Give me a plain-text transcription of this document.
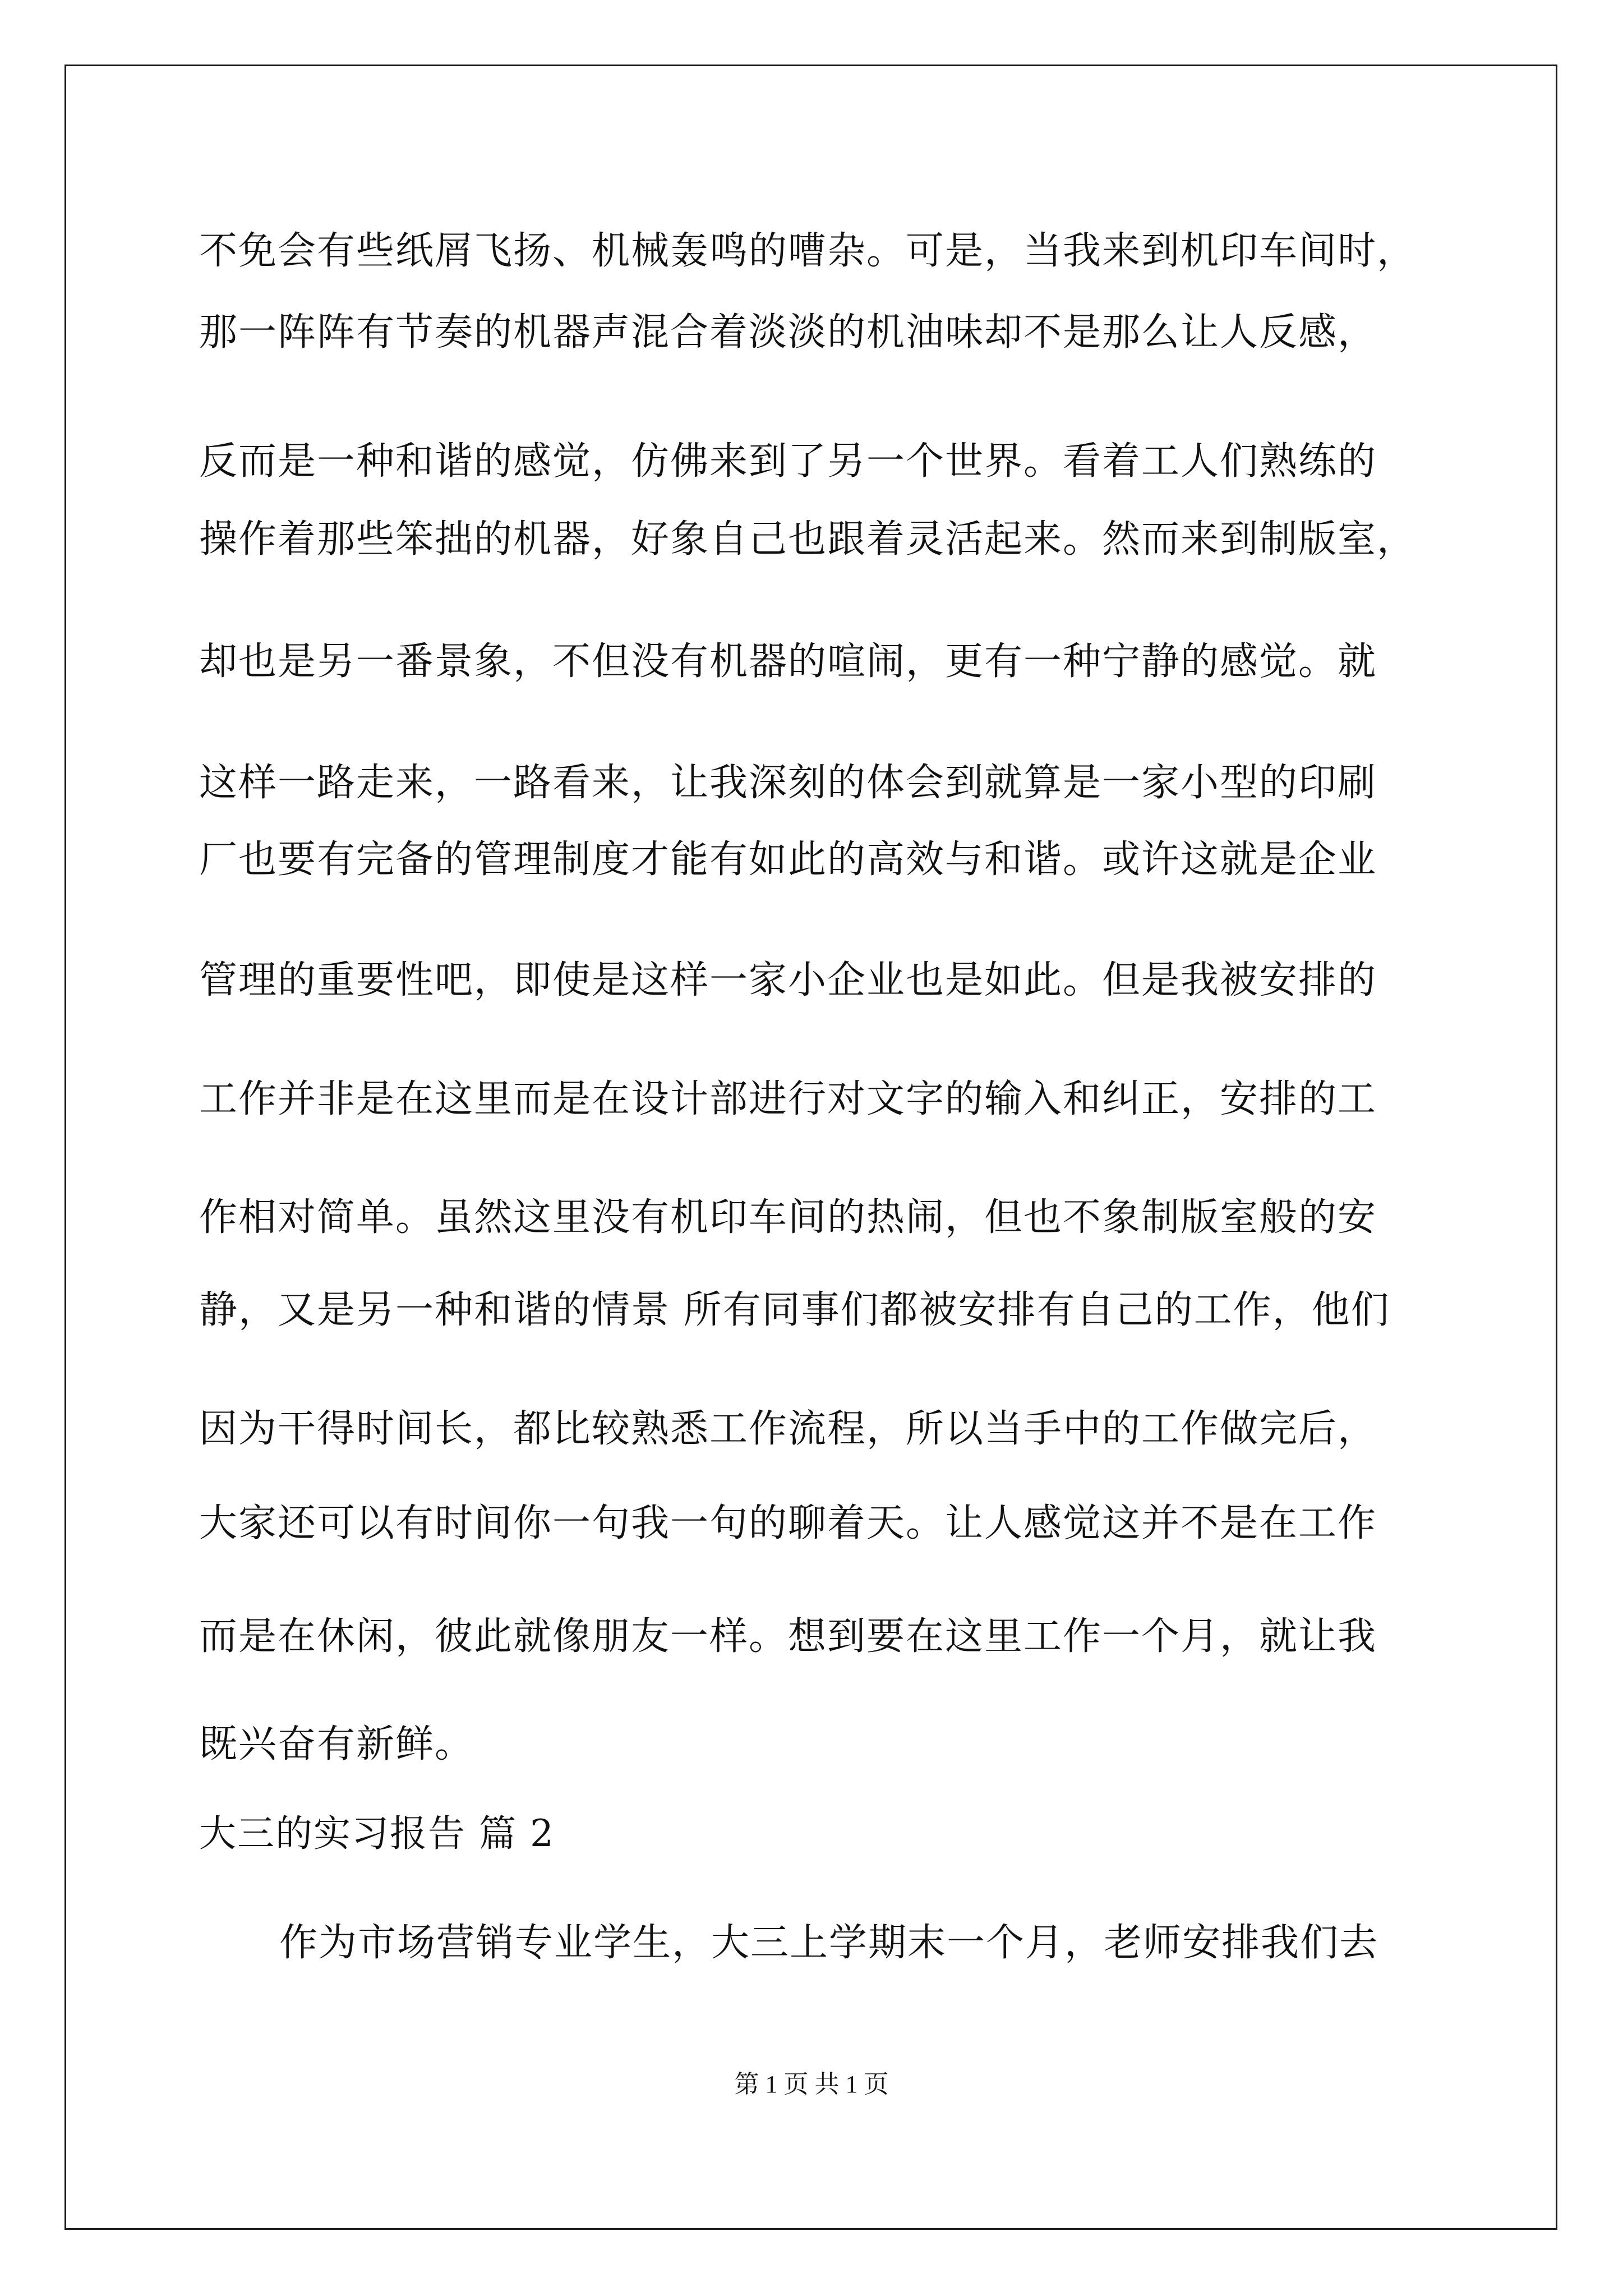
不免会有些纸屑飞扬、机械轰鸣的嘈杂。可是，当我来到机印车间时，
那一阵阵有节奏的机器声混合着淡淡的机油味却不是那么让人反感，
反而是一种和谐的感觉，仿佛来到了另一个世界。看着工人们熟练的
操作着那些笨拙的机器，好象自己也跟着灵活起来。然而来到制版室，
却也是另一番景象，不但没有机器的喧闹，更有一种宁静的感觉。就
这样一路走来，一路看来，让我深刻的体会到就算是一家小型的印刷
厂也要有完备的管理制度才能有如此的高效与和谐。或许这就是企业
管理的重要性吧，即使是这样一家小企业也是如此。但是我被安排的
工作并非是在这里而是在设计部进行对文字的输入和纠正，安排的工
作相对简单。虽然这里没有机印车间的热闹，但也不象制版室般的安
静，又是另一种和谐的情景 所有同事们都被安排有自己的工作，他们
因为干得时间长，都比较熟悉工作流程，所以当手中的工作做完后，
大家还可以有时间你一句我一句的聊着天。让人感觉这并不是在工作
而是在休闲，彼此就像朋友一样。想到要在这里工作一个月，就让我
既兴奋有新鲜。
大三的实习报告 篇 2
作为市场营销专业学生，大三上学期末一个月，老师安排我们去
第 1 页 共 1 页
